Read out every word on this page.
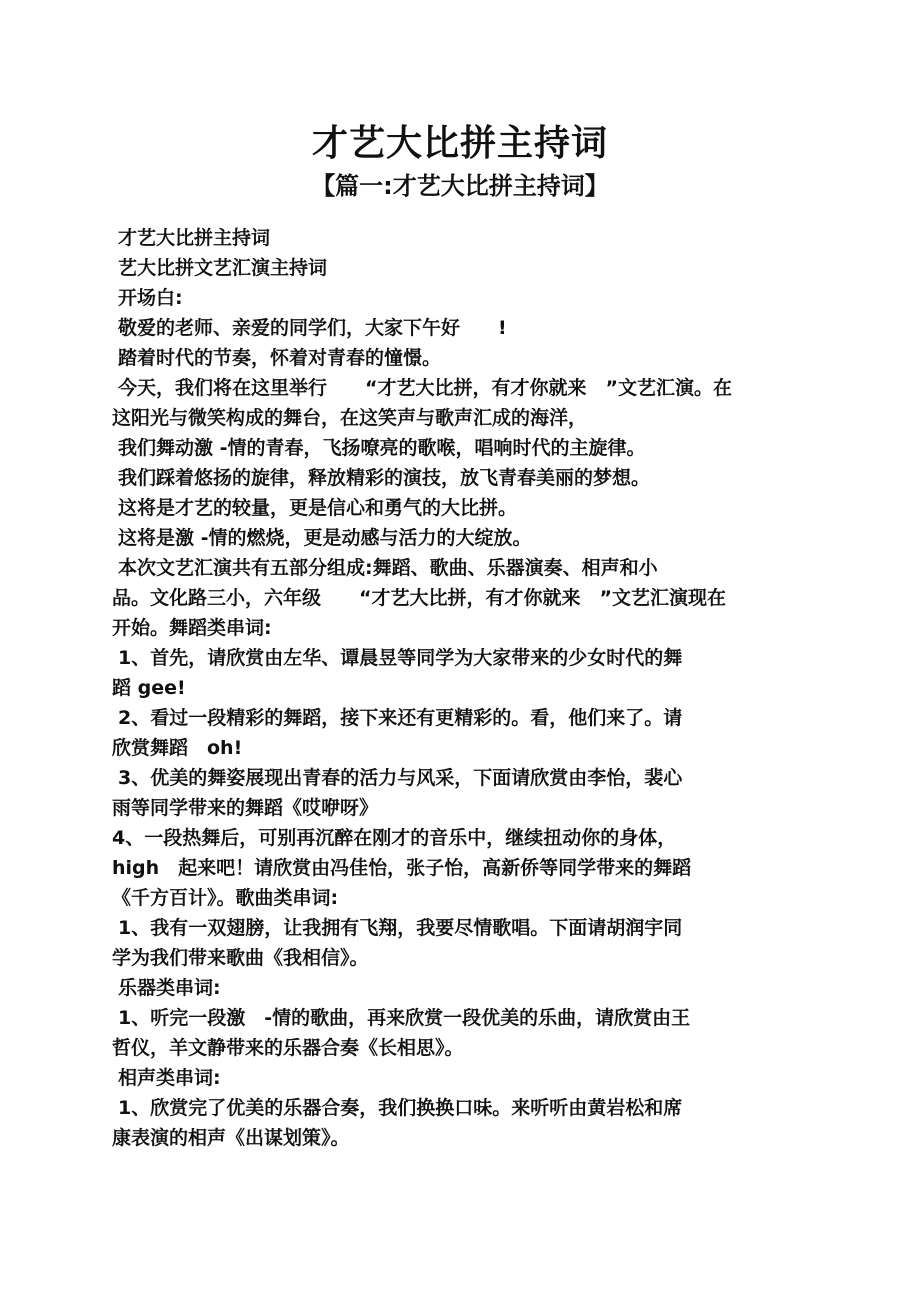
才艺大比拼主持词
【篇一:才艺大比拼主持词】
才艺大比拼主持词
艺大比拼文艺汇演主持词
开场白:
敬爱的老师、亲爱的同学们，大家下午好　　!
踏着时代的节奏，怀着对青春的憧憬。
今天，我们将在这里举行　　“才艺大比拼，有才你就来　”文艺汇演。在
这阳光与微笑构成的舞台，在这笑声与歌声汇成的海洋，
我们舞动激 -情的青春，飞扬嘹亮的歌喉，唱响时代的主旋律。
我们踩着悠扬的旋律，释放精彩的演技，放飞青春美丽的梦想。
这将是才艺的较量，更是信心和勇气的大比拼。
这将是激 -情的燃烧，更是动感与活力的大绽放。
本次文艺汇演共有五部分组成:舞蹈、歌曲、乐器演奏、相声和小
品。文化路三小，六年级　　“才艺大比拼，有才你就来　”文艺汇演现在
开始。舞蹈类串词:
1、首先，请欣赏由左华、谭晨昱等同学为大家带来的少女时代的舞
蹈 gee!
2、看过一段精彩的舞蹈，接下来还有更精彩的。看，他们来了。请
欣赏舞蹈　oh!
3、优美的舞姿展现出青春的活力与风采，下面请欣赏由李怡，裴心
雨等同学带来的舞蹈《哎咿呀》
4、一段热舞后，可别再沉醉在刚才的音乐中，继续扭动你的身体，
high　起来吧！请欣赏由冯佳怡，张子怡，高新侨等同学带来的舞蹈
《千方百计》。歌曲类串词:
1、我有一双翅膀，让我拥有飞翔，我要尽情歌唱。下面请胡润宇同
学为我们带来歌曲《我相信》。
乐器类串词:
1、听完一段激　-情的歌曲，再来欣赏一段优美的乐曲，请欣赏由王
哲仪，羊文静带来的乐器合奏《长相思》。
相声类串词:
1、欣赏完了优美的乐器合奏，我们换换口味。来听听由黄岩松和席
康表演的相声《出谋划策》。
